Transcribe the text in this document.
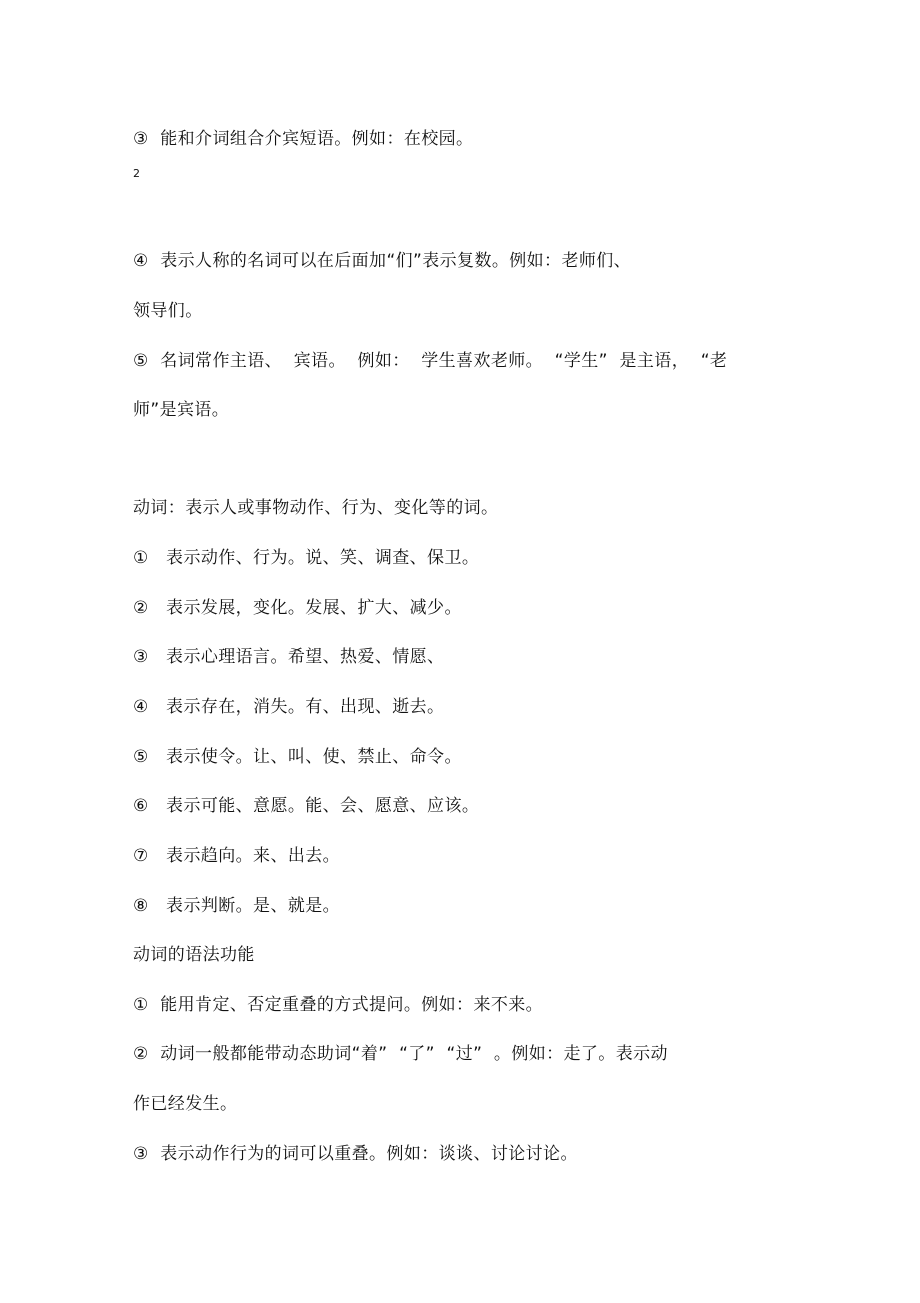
③  能和介词组合介宾短语。例如：在校园。
2
④  表示人称的名词可以在后面加“们”表示复数。例如：老师们、
领导们。
⑤  名词常作主语、  宾语。  例如：  学生喜欢老师。  “学生”  是主语，  “老
师”是宾语。
动词：表示人或事物动作、行为、变化等的词。
①   表示动作、行为。说、笑、调查、保卫。
②   表示发展，变化。发展、扩大、减少。
③   表示心理语言。希望、热爱、情愿、
④   表示存在，消失。有、出现、逝去。
⑤   表示使令。让、叫、使、禁止、命令。
⑥   表示可能、意愿。能、会、愿意、应该。
⑦   表示趋向。来、出去。
⑧   表示判断。是、就是。
动词的语法功能
①  能用肯定、否定重叠的方式提问。例如：来不来。
②  动词一般都能带动态助词“着”  “了”  “过”  。例如：走了。表示动
作已经发生。
③  表示动作行为的词可以重叠。例如：谈谈、讨论讨论。
